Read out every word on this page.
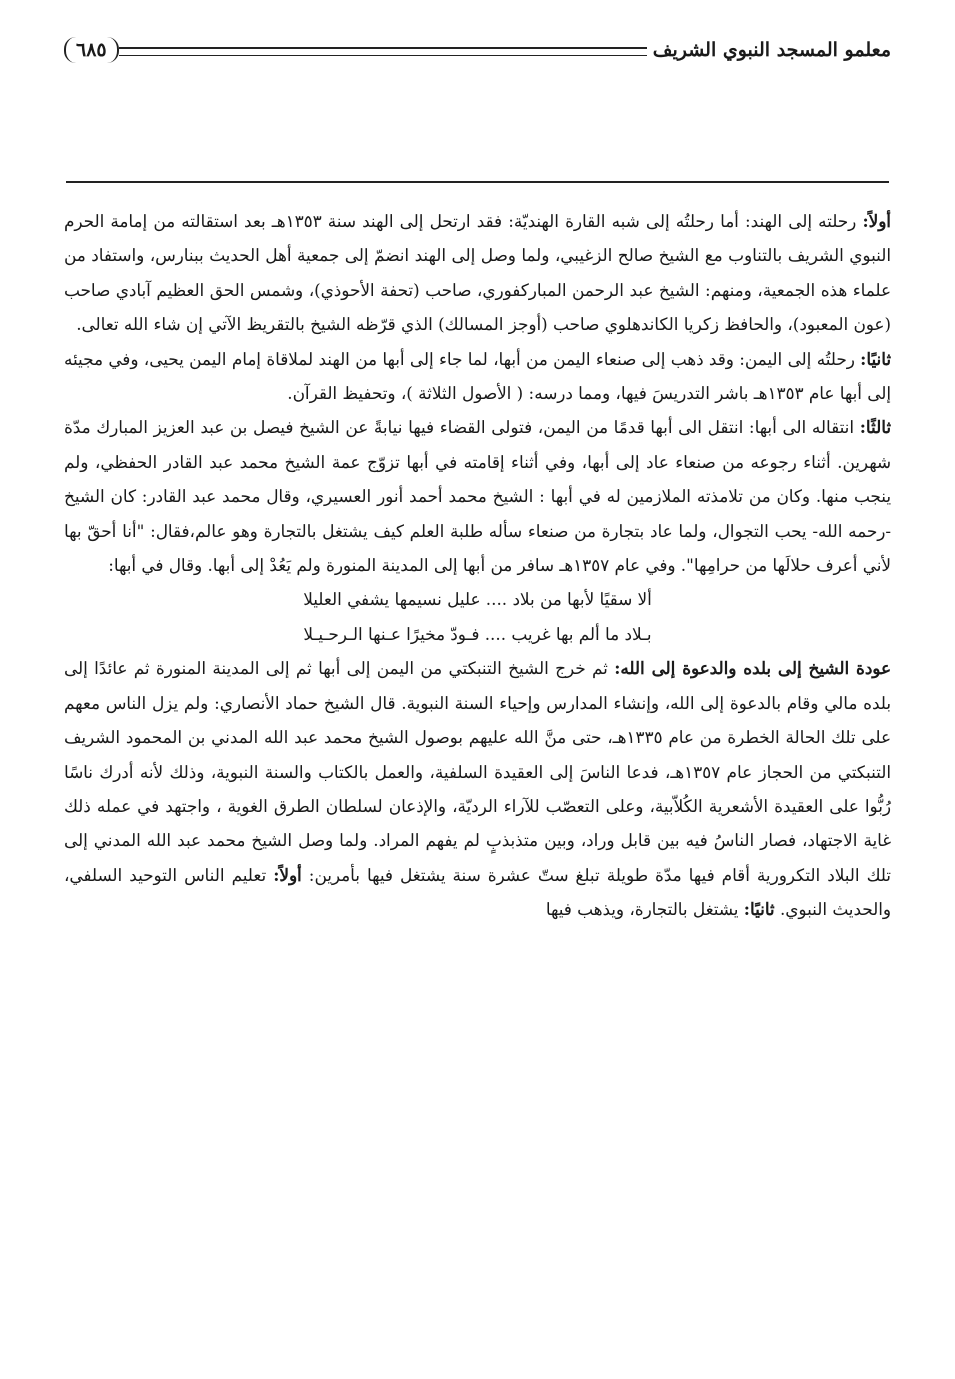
معلمو المسجد النبوي الشريف
٦٨٥

أولاً: رحلته إلى الهند: أما رحلتُه إلى شبه القارة الهنديّة: فقد ارتحل إلى الهند سنة ١٣٥٣هـ بعد استقالته من إمامة الحرم النبوي الشريف بالتناوب مع الشيخ صالح الزغيبي، ولما وصل إلى الهند انضمّ إلى جمعية أهل الحديث ببنارس، واستفاد من علماء هذه الجمعية، ومنهم: الشيخ عبد الرحمن المباركفوري، صاحب (تحفة الأحوذي)، وشمس الحق العظيم آبادي صاحب (عون المعبود)، والحافظ زكريا الكاندهلوي صاحب (أوجز المسالك) الذي قرّظه الشيخ بالتقريظ الآتي إن شاء الله تعالى.

ثانيًا: رحلتُه إلى اليمن: وقد ذهب إلى صنعاء اليمن من أبها، لما جاء إلى أبها من الهند لملاقاة إمام اليمن يحيى، وفي مجيئه إلى أبها عام ١٣٥٣هـ باشر التدريسَ فيها، ومما درسه: ( الأصول الثلاثة )، وتحفيظ القرآن.

ثالثًا: انتقاله الى أبها: انتقل الى أبها قدمًا من اليمن، فتولى القضاء فيها نيابةً عن الشيخ فيصل بن عبد العزيز المبارك مدّة شهرين. أثناء رجوعه من صنعاء عاد إلى أبها، وفي أثناء إقامته في أبها تزوّج عمة الشيخ محمد عبد القادر الحفظي، ولم ينجب منها. وكان من تلامذته الملازمين له في أبها : الشيخ محمد أحمد أنور العسيري، وقال محمد عبد القادر: كان الشيخ -رحمه الله- يحب التجوال، ولما عاد بتجارة من صنعاء سأله طلبة العلم كيف يشتغل بالتجارة وهو عالم،فقال: "أنا أحقّ بها لأني أعرف حلالَها من حرامِها". وفي عام ١٣٥٧هـ سافر من أبها إلى المدينة المنورة ولم يَعُدْ إلى أبها. وقال في أبها:

ألا سقيًا لأبها من بلاد .... عليل نسيمها يشفي العليلا

بـلاد ما ألم بها غريب .... فـودّ مخيرًا عـنها الـرحـيـلا

عودة الشيخ إلى بلده والدعوة إلى الله: ثم خرج الشيخ التنبكتي من اليمن إلى أبها ثم إلى المدينة المنورة ثم عائدًا إلى بلده مالي وقام بالدعوة إلى الله، وإنشاء المدارس وإحياء السنة النبوية. قال الشيخ حماد الأنصاري: ولم يزل الناس معهم على تلك الحالة الخطرة من عام ١٣٣٥هـ، حتى منَّ الله عليهم بوصول الشيخ محمد عبد الله المدني بن المحمود الشريف التنبكتي من الحجاز عام ١٣٥٧هـ، فدعا الناسَ إلى العقيدة السلفية، والعمل بالكتاب والسنة النبوية، وذلك لأنه أدرك ناسًا رُبُّوا على العقيدة الأشعرية الكُلاّبية، وعلى التعصّب للآراء الرديّة، والإذعان لسلطان الطرق الغوية ، واجتهد في عمله ذلك غاية الاجتهاد، فصار الناسُ فيه بين قابل وراد، وبين متذبذبٍ لم يفهم المراد. ولما وصل الشيخ محمد عبد الله المدني إلى تلك البلاد التكرورية أقام فيها مدّة طويلة تبلغ ستّ عشرة سنة يشتغل فيها بأمرين: أولاً: تعليم الناس التوحيد السلفي، والحديث النبوي. ثانيًا: يشتغل بالتجارة، ويذهب فيها
